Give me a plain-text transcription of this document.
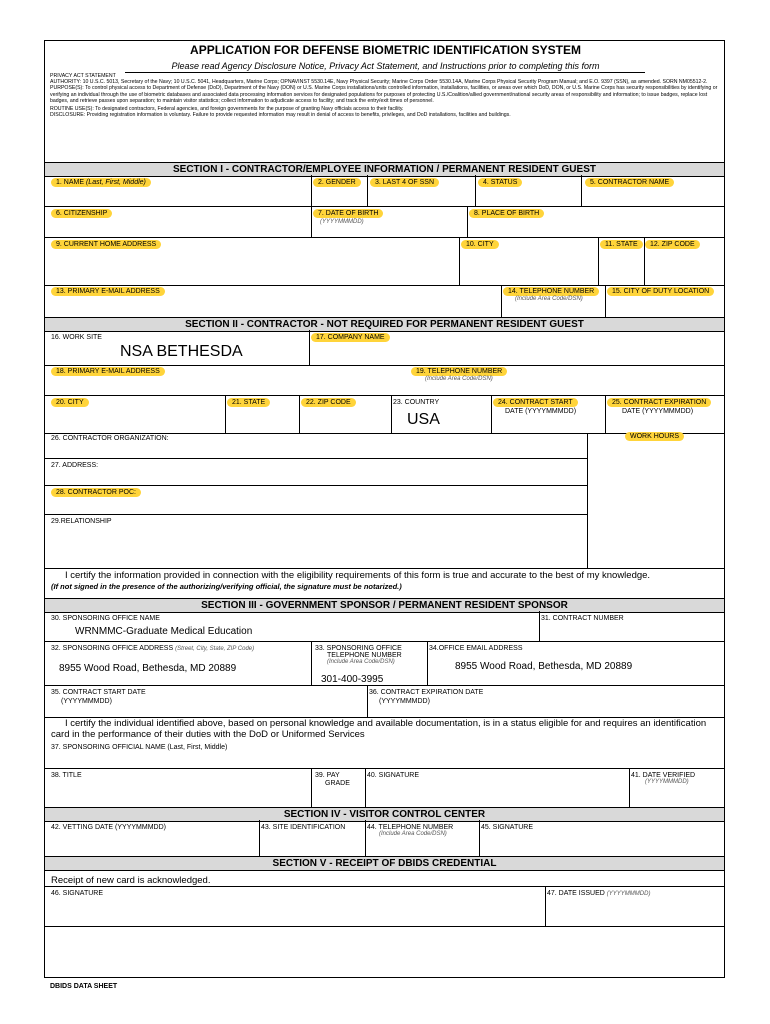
APPLICATION FOR DEFENSE BIOMETRIC IDENTIFICATION SYSTEM
Please read Agency Disclosure Notice, Privacy Act Statement, and Instructions prior to completing this form

PRIVACY ACT STATEMENT

AUTHORITY: 10 U.S.C. 5013, Secretary of the Navy; 10 U.S.C. 5041, Headquarters, Marine Corps; OPNAVINST 5530.14E, Navy Physical Security; Marine Corps Order 5530.14A, Marine Corps Physical Security Program Manual; and E.O. 9397 (SSN), as amended. SORN NM05512-2.

PURPOSE(S): To control physical access to Department of Defense (DoD), Department of the Navy (DON) or U.S. Marine Corps installations/units controlled information, installations, facilities, or areas over which DoD, DON, or U.S. Marine Corps has security responsibilities by identifying or verifying an individual through the use of biometric databases and associated data processing information services for designated populations for purposes of protecting U.S./Coalition/allied government/national security areas of responsibility and information; to issue badges, replace lost badges, and retrieve passes upon separation; to maintain visitor statistics; collect information to adjudicate access to facility; and track the entry/exit times of personnel.

ROUTINE USE(S): To designated contractors, Federal agencies, and foreign governments for the purpose of granting Navy officials access to their facility.

DISCLOSURE: Providing registration information is voluntary. Failure to provide requested information may result in denial of access to benefits, privileges, and DoD installations, facilities and buildings.

SECTION I - CONTRACTOR/EMPLOYEE INFORMATION / PERMANENT RESIDENT GUEST
1. NAME (Last, First, Middle)	2. GENDER	3. LAST 4 OF SSN	4. STATUS	5. CONTRACTOR NAME
6. CITIZENSHIP	7. DATE OF BIRTH
(YYYYMMMDD)
8. PLACE OF BIRTH
9. CURRENT HOME ADDRESS	10. CITY	11. STATE	12. ZIP CODE
13. PRIMARY E-MAIL ADDRESS	14. TELEPHONE NUMBER
(Include Area Code/DSN)
15. CITY OF DUTY LOCATION
SECTION II - CONTRACTOR - NOT REQUIRED FOR PERMANENT RESIDENT GUEST
16. WORK SITE
NSA BETHESDA
17. COMPANY NAME
18. PRIMARY E-MAIL ADDRESS	19. TELEPHONE NUMBER
(Include Area Code/DSN)
20. CITY	21. STATE	22. ZIP CODE	23. COUNTRY
USA
24. CONTRACT START
DATE (YYYYMMMDD)
25. CONTRACT EXPIRATION
DATE (YYYYMMMDD)
26. CONTRACTOR ORGANIZATION:	WORK HOURS
27. ADDRESS:
28. CONTRACTOR POC:
29.RELATIONSHIP
I certify the information provided in connection with the eligibility requirements of this form is true and accurate to the best of my knowledge.
(If not signed in the presence of the authorizing/verifying official, the signature must be notarized.)
SECTION III - GOVERNMENT SPONSOR / PERMANENT RESIDENT SPONSOR
30. SPONSORING OFFICE NAME
WRNMMC-Graduate Medical Education
31. CONTRACT NUMBER
32. SPONSORING OFFICE ADDRESS (Street, City, State, ZIP Code)
8955 Wood Road, Bethesda, MD 20889
33. SPONSORING OFFICE
TELEPHONE NUMBER
(Include Area Code/DSN)
301-400-3995
34.OFFICE EMAIL ADDRESS
8955 Wood Road, Bethesda, MD 20889
35. CONTRACT START DATE
(YYYYMMMDD)
36. CONTRACT EXPIRATION DATE
(YYYYMMMDD)
I certify the individual identified above, based on personal knowledge and available documentation, is in a status eligible for and requires an identification card in the performance of their duties with the DoD or Uniformed Services
37. SPONSORING OFFICIAL NAME (Last, First, Middle)
38. TITLE	39. PAY
GRADE
40. SIGNATURE	41. DATE VERIFIED
(YYYYMMMDD)
SECTION IV - VISITOR CONTROL CENTER
42. VETTING DATE (YYYYMMMDD)	43. SITE IDENTIFICATION	44. TELEPHONE NUMBER
(Include Area Code/DSN)
45. SIGNATURE
SECTION V - RECEIPT OF DBIDS CREDENTIAL
Receipt of new card is acknowledged.
46. SIGNATURE	47. DATE ISSUED (YYYYMMMDD)
DBIDS DATA SHEET
